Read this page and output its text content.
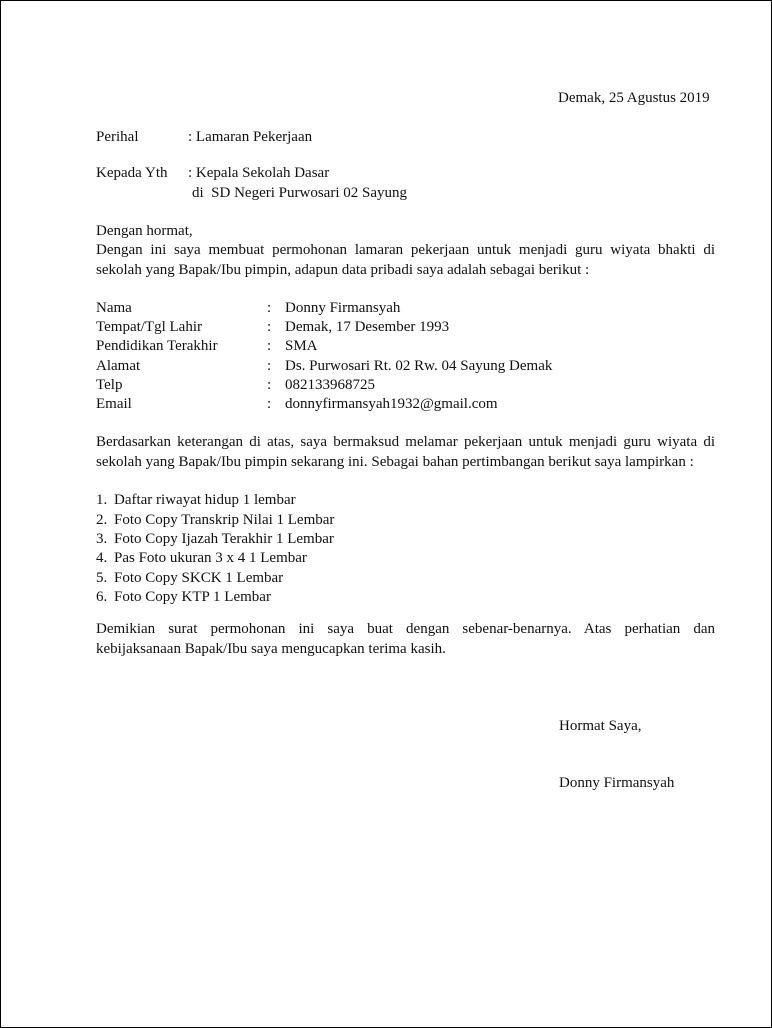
Demak, 25 Agustus 2019
Perihal	: Lamaran Pekerjaan
Kepada Yth : Kepala Sekolah Dasar
di  SD Negeri Purwosari 02 Sayung
Dengan hormat,
Dengan ini saya membuat permohonan lamaran pekerjaan untuk menjadi guru wiyata bhakti di
sekolah yang Bapak/Ibu pimpin, adapun data pribadi saya adalah sebagai berikut :
Nama	: Donny Firmansyah
Tempat/Tgl Lahir	: Demak, 17 Desember 1993
Pendidikan Terakhir	: SMA
Alamat	: Ds. Purwosari Rt. 02 Rw. 04 Sayung Demak
Telp	: 082133968725
Email	: donnyfirmansyah1932@gmail.com
Berdasarkan keterangan di atas, saya bermaksud melamar pekerjaan untuk menjadi guru wiyata di
sekolah yang Bapak/Ibu pimpin sekarang ini. Sebagai bahan pertimbangan berikut saya lampirkan :
1. Daftar riwayat hidup 1 lembar
2. Foto Copy Transkrip Nilai 1 Lembar
3. Foto Copy Ijazah Terakhir 1 Lembar
4. Pas Foto ukuran 3 x 4 1 Lembar
5. Foto Copy SKCK 1 Lembar
6. Foto Copy KTP 1 Lembar
Demikian surat permohonan ini saya buat dengan sebenar-benarnya. Atas perhatian dan
kebijaksanaan Bapak/Ibu saya mengucapkan terima kasih.
Hormat Saya,
Donny Firmansyah
